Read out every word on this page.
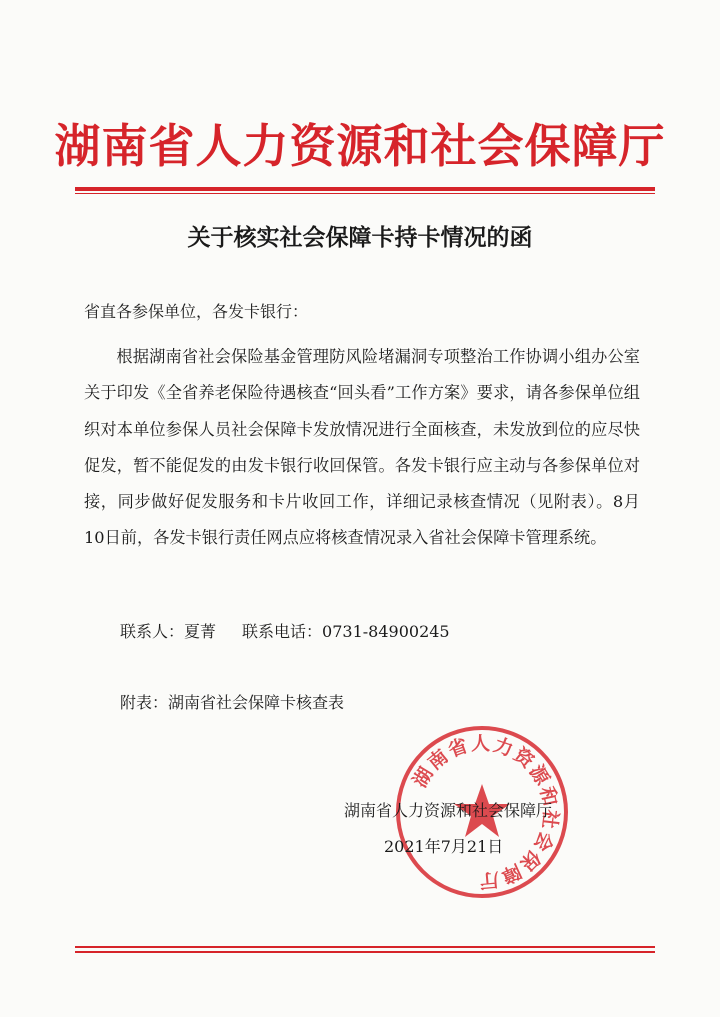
湖南省人力资源和社会保障厅
关于核实社会保障卡持卡情况的函
省直各参保单位，各发卡银行：
根据湖南省社会保险基金管理防风险堵漏洞专项整治工作协调小组办公室关于印发《全省养老保险待遇核查“回头看”工作方案》要求，请各参保单位组织对本单位参保人员社会保障卡发放情况进行全面核查，未发放到位的应尽快促发，暂不能促发的由发卡银行收回保管。各发卡银行应主动与各参保单位对接，同步做好促发服务和卡片收回工作，详细记录核查情况（见附表）。8月10日前，各发卡银行责任网点应将核查情况录入省社会保障卡管理系统。
联系人：夏菁 联系电话：0731-84900245
附表：湖南省社会保障卡核查表
湖南省人力资源和社会保障厅
湖南省人力资源和社会保障厅
2021年7月21日
